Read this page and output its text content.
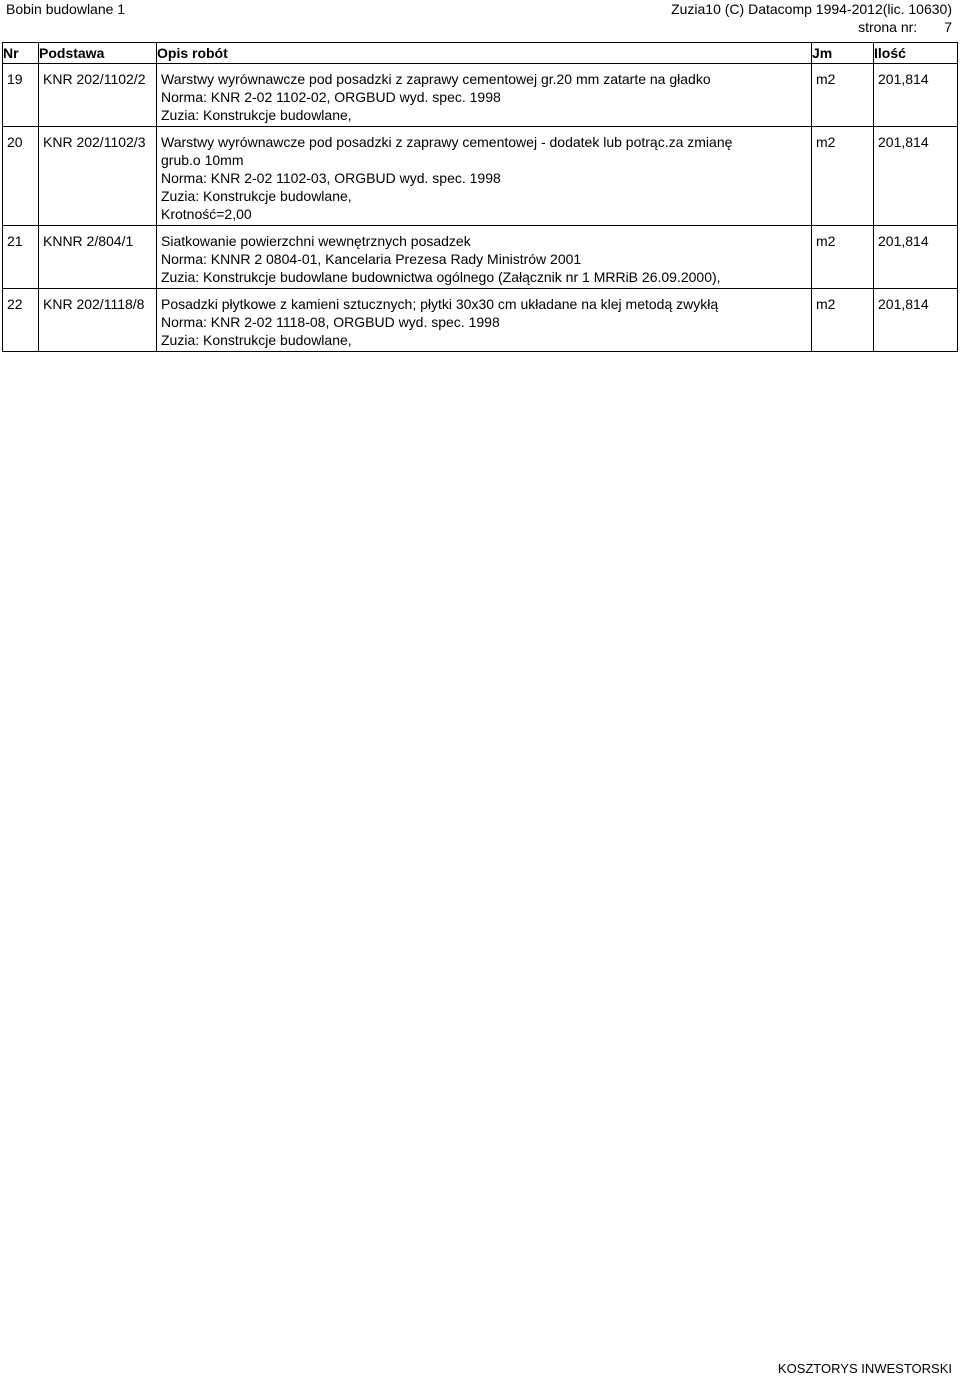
Bobin budowlane 1	Zuzia10 (C) Datacomp 1994-2012(lic. 10630)
strona nr: 7
Nr	Podstawa	Opis robót	Jm	Ilość
19	KNR 202/1102/2	Warstwy wyrównawcze pod posadzki z zaprawy cementowej gr.20 mm zatarte na gładko
Norma: KNR 2-02 1102-02, ORGBUD wyd. spec. 1998
Zuzia: Konstrukcje budowlane,	m2	201,814
20	KNR 202/1102/3	Warstwy wyrównawcze pod posadzki z zaprawy cementowej - dodatek lub potrąc.za zmianę
grub.o 10mm
Norma: KNR 2-02 1102-03, ORGBUD wyd. spec. 1998
Zuzia: Konstrukcje budowlane,
Krotność=2,00	m2	201,814
21	KNNR 2/804/1	Siatkowanie powierzchni wewnętrznych posadzek
Norma: KNNR 2 0804-01, Kancelaria Prezesa Rady Ministrów 2001
Zuzia: Konstrukcje budowlane budownictwa ogólnego (Załącznik nr 1 MRRiB 26.09.2000),	m2	201,814
22	KNR 202/1118/8	Posadzki płytkowe z kamieni sztucznych; płytki 30x30 cm układane na klej metodą zwykłą
Norma: KNR 2-02 1118-08, ORGBUD wyd. spec. 1998
Zuzia: Konstrukcje budowlane,	m2	201,814
KOSZTORYS INWESTORSKI
